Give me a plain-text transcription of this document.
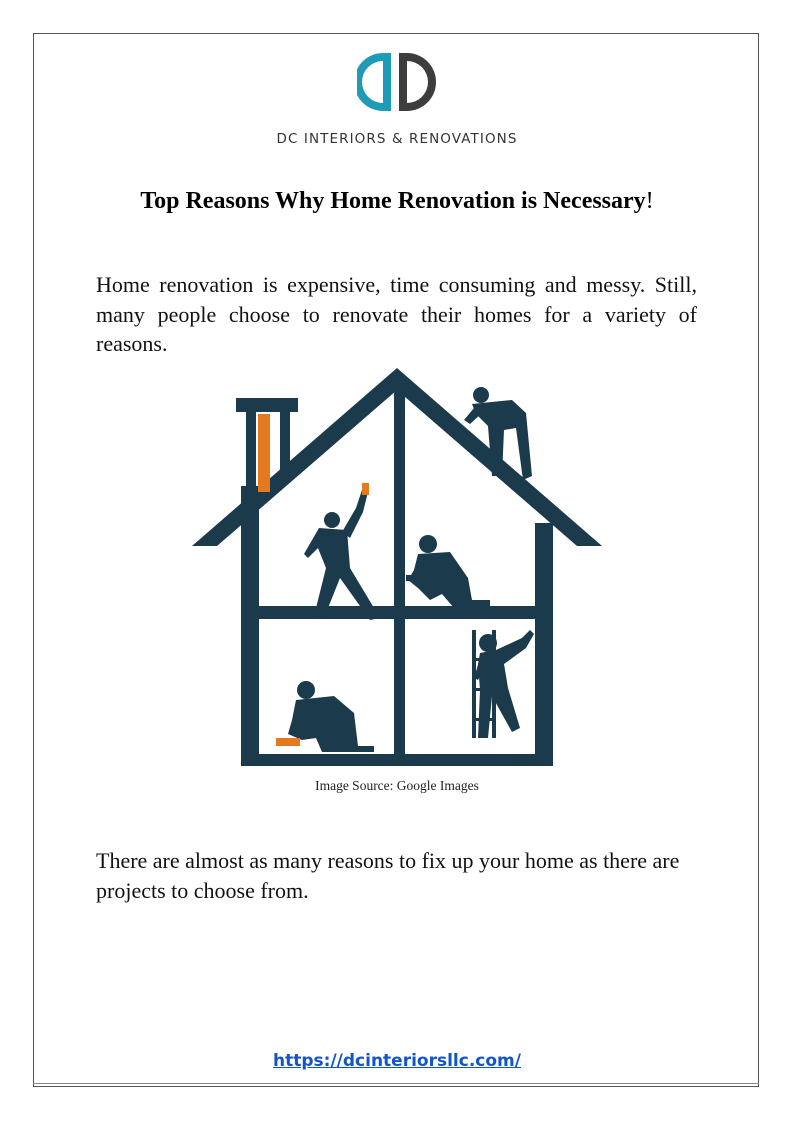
DC INTERIORS & RENOVATIONS
Top Reasons Why Home Renovation is Necessary!
Home renovation is expensive, time consuming and messy. Still, many people choose to renovate their homes for a variety of reasons.
Image Source: Google Images
There are almost as many reasons to fix up your home as there are projects to choose from.
https://dcinteriorsllc.com/
